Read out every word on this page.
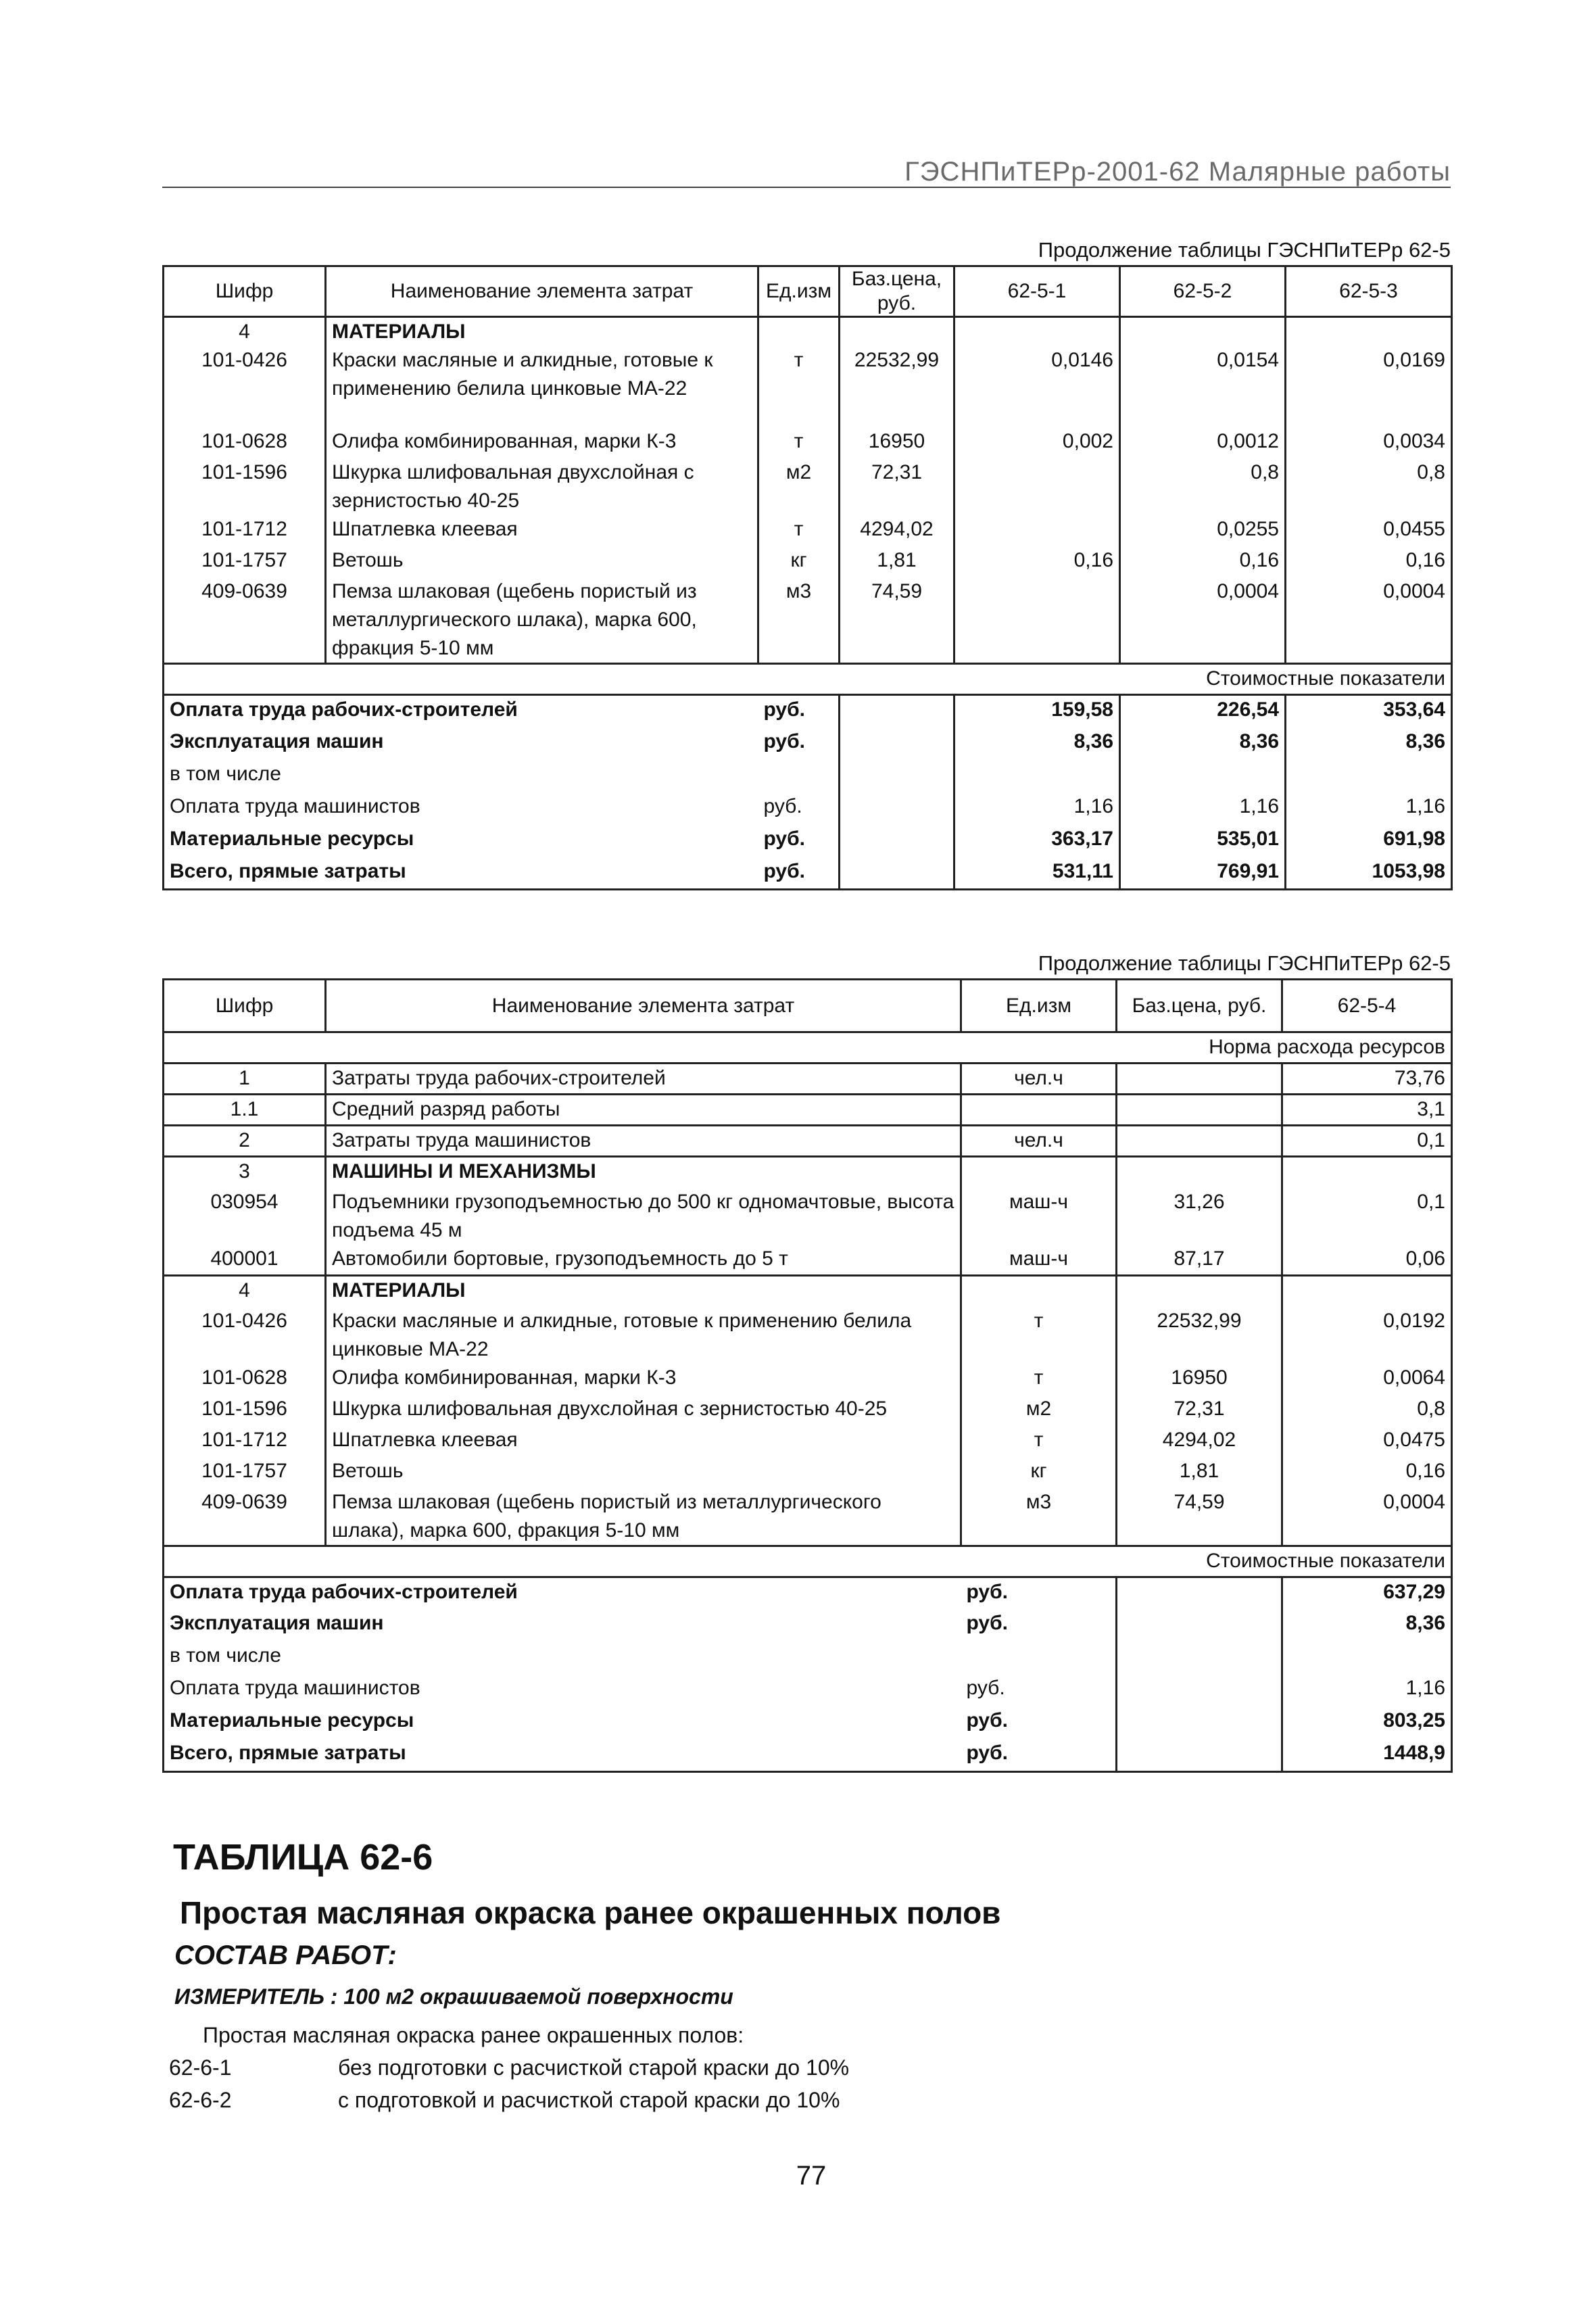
ГЭСНПиТЕРр-2001-62 Малярные работы
Продолжение таблицы ГЭСНПиТЕРр 62-5
Шифр	Наименование элемента затрат	Ед.изм	Баз.цена, руб.	62-5-1	62-5-2	62-5-3
4	МАТЕРИАЛЫ					
101-0426	Краски масляные и алкидные, готовые к применению белила цинковые МА-22	т	22532,99	0,0146	0,0154	0,0169
101-0628	Олифа комбинированная, марки К-3	т	16950	0,002	0,0012	0,0034
101-1596	Шкурка шлифовальная двухслойная с зернистостью 40-25	м2	72,31		0,8	0,8
101-1712	Шпатлевка клеевая	т	4294,02		0,0255	0,0455
101-1757	Ветошь	кг	1,81	0,16	0,16	0,16
409-0639	Пемза шлаковая (щебень пористый из металлургического шлака), марка 600, фракция 5-10 мм	м3	74,59		0,0004	0,0004
Стоимостные показатели						
Оплата труда рабочих-строителей		руб.		159,58	226,54	353,64
Эксплуатация машин		руб.		8,36	8,36	8,36
в том числе						
Оплата труда машинистов		руб.		1,16	1,16	1,16
Материальные ресурсы		руб.		363,17	535,01	691,98
Всего, прямые затраты		руб.		531,11	769,91	1053,98
Продолжение таблицы ГЭСНПиТЕРр 62-5
Шифр	Наименование элемента затрат	Ед.изм	Баз.цена, руб.	62-5-4
Норма расхода ресурсов				
1	Затраты труда рабочих-строителей	чел.ч		73,76
1.1	Средний разряд работы			3,1
2	Затраты труда машинистов	чел.ч		0,1
3	МАШИНЫ И МЕХАНИЗМЫ			
030954	Подъемники грузоподъемностью до 500 кг одномачтовые, высота подъема 45 м	маш-ч	31,26	0,1
400001	Автомобили бортовые, грузоподъемность до 5 т	маш-ч	87,17	0,06
4	МАТЕРИАЛЫ			
101-0426	Краски масляные и алкидные, готовые к применению белила цинковые МА-22	т	22532,99	0,0192
101-0628	Олифа комбинированная, марки К-3	т	16950	0,0064
101-1596	Шкурка шлифовальная двухслойная с зернистостью 40-25	м2	72,31	0,8
101-1712	Шпатлевка клеевая	т	4294,02	0,0475
101-1757	Ветошь	кг	1,81	0,16
409-0639	Пемза шлаковая (щебень пористый из металлургического шлака), марка 600, фракция 5-10 мм	м3	74,59	0,0004
Стоимостные показатели				
Оплата труда рабочих-строителей		руб.		637,29
Эксплуатация машин		руб.		8,36
в том числе				
Оплата труда машинистов		руб.		1,16
Материальные ресурсы		руб.		803,25
Всего, прямые затраты		руб.		1448,9
ТАБЛИЦА 62-6
Простая масляная окраска ранее окрашенных полов
СОСТАВ РАБОТ:
ИЗМЕРИТЕЛЬ : 100 м2 окрашиваемой поверхности
Простая масляная окраска ранее окрашенных полов:
62-6-1	без подготовки с расчисткой старой краски до 10%
62-6-2	с подготовкой и расчисткой старой краски до 10%
77
